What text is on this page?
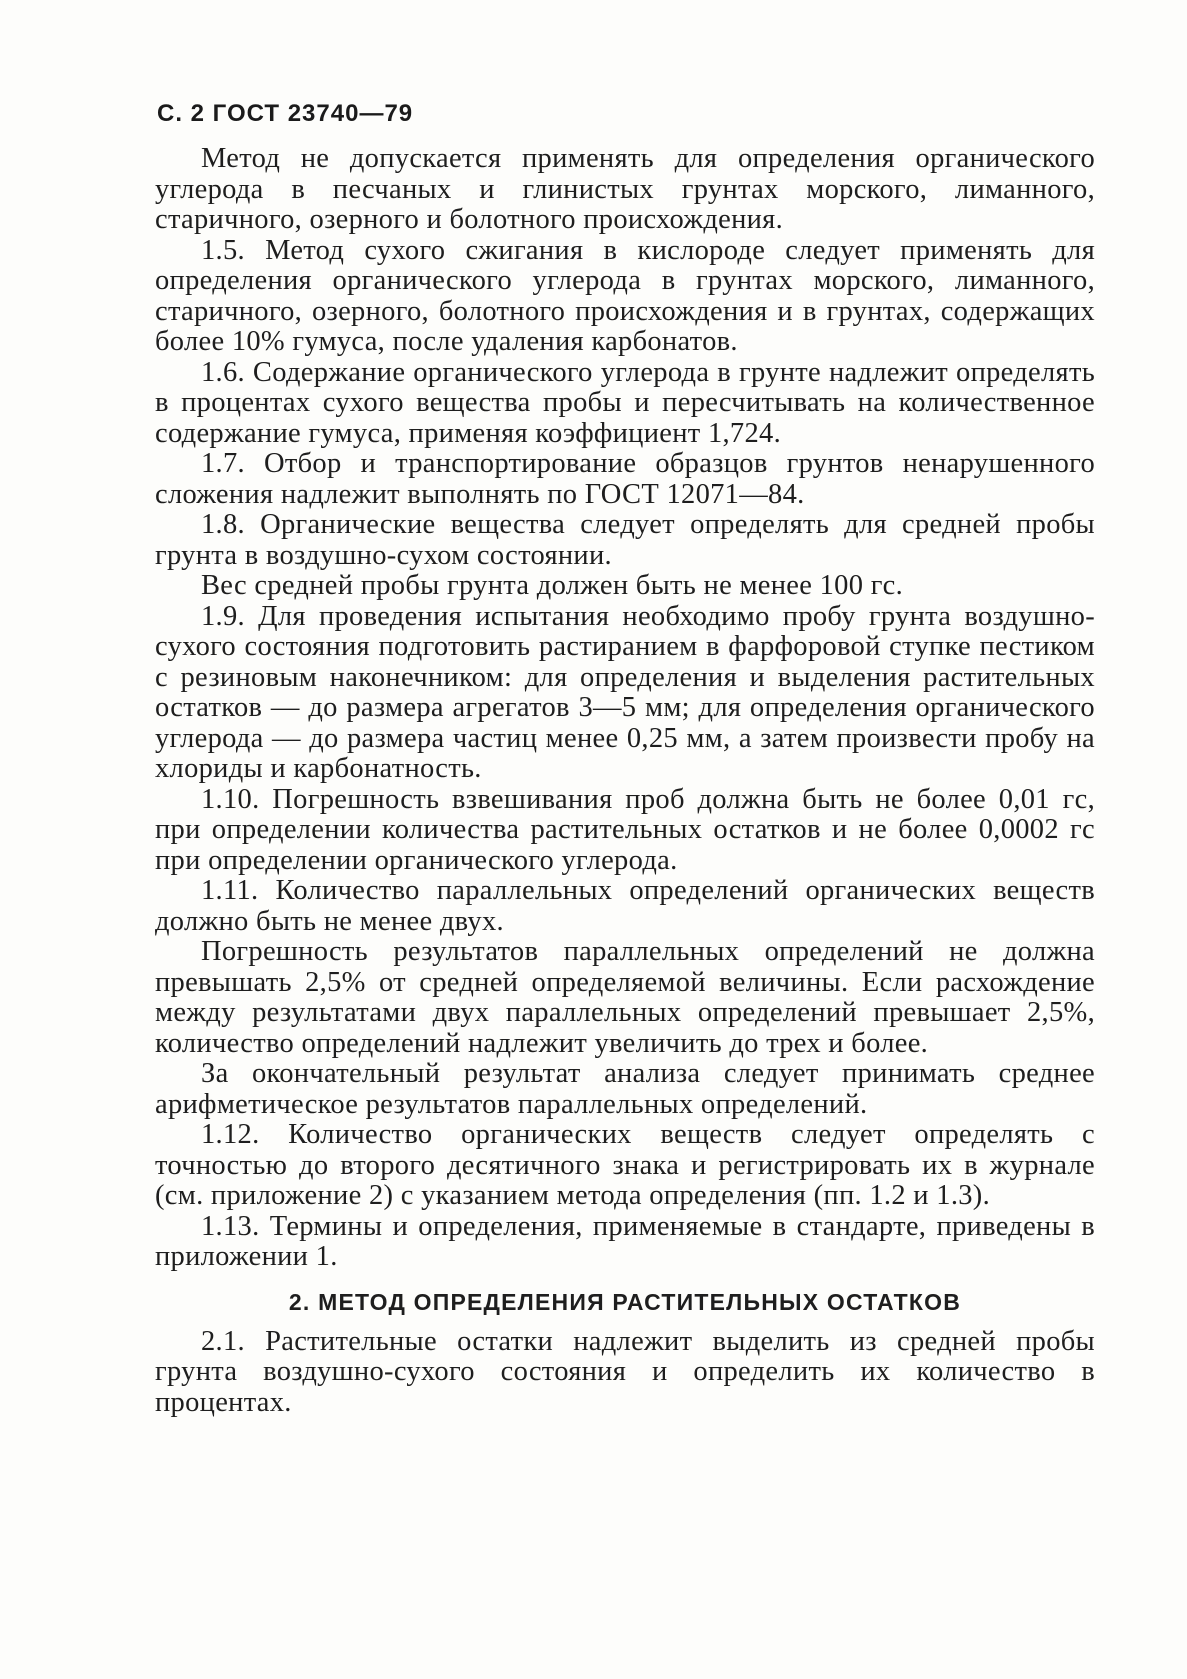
С. 2 ГОСТ 23740—79

Метод не допускается применять для определения органического углерода в песчаных и глинистых грунтах морского, лиманного, старичного, озерного и болотного происхождения.

1.5. Метод сухого сжигания в кислороде следует применять для определения органического углерода в грунтах морского, лиманного, старичного, озерного, болотного происхождения и в грунтах, содержащих более 10% гумуса, после удаления карбонатов.

1.6. Содержание органического углерода в грунте надлежит определять в процентах сухого вещества пробы и пересчитывать на количественное содержание гумуса, применяя коэффициент 1,724.

1.7. Отбор и транспортирование образцов грунтов ненарушенного сложения надлежит выполнять по ГОСТ 12071—84.

1.8. Органические вещества следует определять для средней пробы грунта в воздушно-сухом состоянии.

Вес средней пробы грунта должен быть не менее 100 гс.

1.9. Для проведения испытания необходимо пробу грунта воздушно-сухого состояния подготовить растиранием в фарфоровой ступке пестиком с резиновым наконечником: для определения и выделения растительных остатков — до размера агрегатов 3—5 мм; для определения органического углерода — до размера частиц менее 0,25 мм, а затем произвести пробу на хлориды и карбонатность.

1.10. Погрешность взвешивания проб должна быть не более 0,01 гс, при определении количества растительных остатков и не более 0,0002 гс при определении органического углерода.

1.11. Количество параллельных определений органических веществ должно быть не менее двух.

Погрешность результатов параллельных определений не должна превышать 2,5% от средней определяемой величины. Если расхождение между результатами двух параллельных определений превышает 2,5%, количество определений надлежит увеличить до трех и более.

За окончательный результат анализа следует принимать среднее арифметическое результатов параллельных определений.

1.12. Количество органических веществ следует определять с точностью до второго десятичного знака и регистрировать их в журнале (см. приложение 2) с указанием метода определения (пп. 1.2 и 1.3).

1.13. Термины и определения, применяемые в стандарте, приведены в приложении 1.

2. МЕТОД ОПРЕДЕЛЕНИЯ РАСТИТЕЛЬНЫХ ОСТАТКОВ

2.1. Растительные остатки надлежит выделить из средней пробы грунта воздушно-сухого состояния и определить их количество в процентах.
